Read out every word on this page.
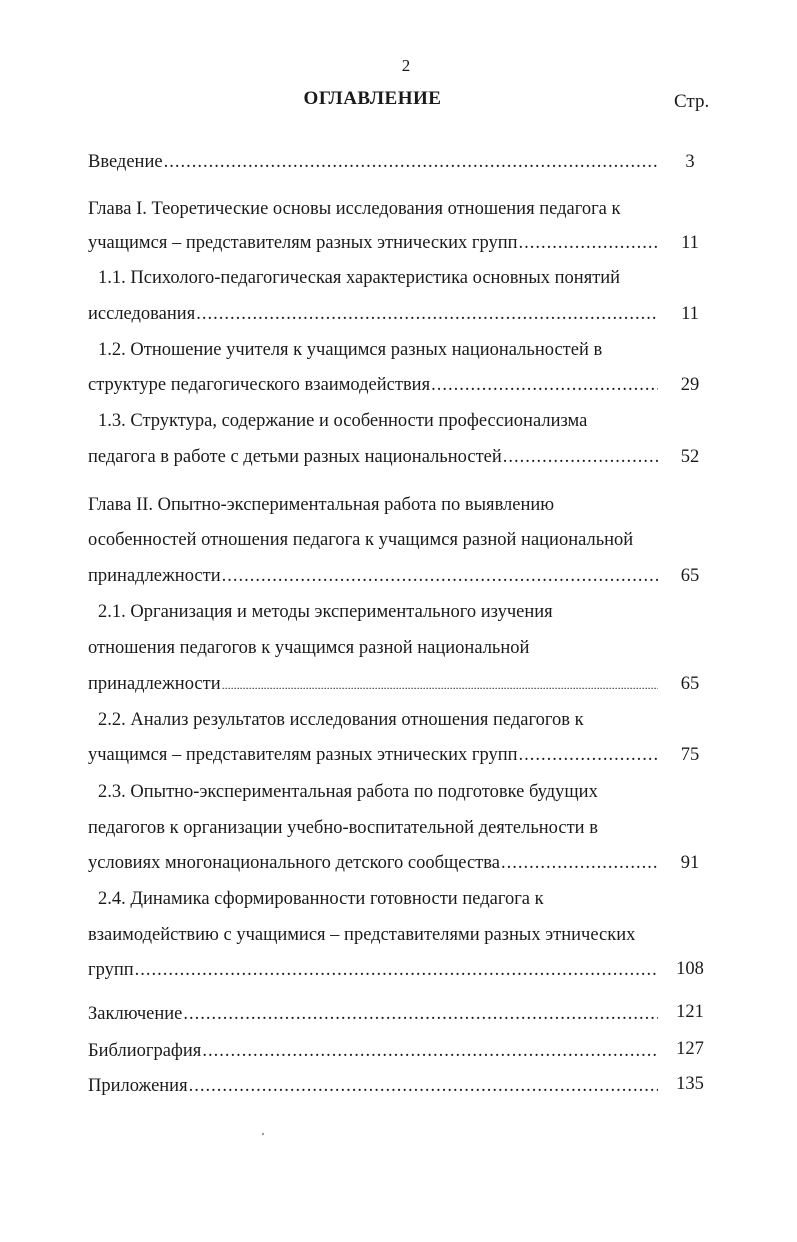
2
ОГЛАВЛЕНИЕ	Стр.
Введение .....	3
Глава I. Теоретические основы исследования отношения педагога к
учащимся – представителям разных этнических групп .....	11
1.1. Психолого-педагогическая характеристика основных понятий
исследования .....	11
1.2. Отношение учителя к учащимся разных национальностей в
структуре педагогического взаимодействия .....	29
1.3. Структура, содержание и особенности профессионализма
педагога в работе с детьми разных национальностей .....	52
Глава II. Опытно-экспериментальная работа по выявлению
особенностей отношения педагога к учащимся разной национальной
принадлежности .....	65
2.1. Организация и методы экспериментального изучения
отношения педагогов к учащимся разной национальной
принадлежности .....	65
2.2. Анализ результатов исследования отношения педагогов к
учащимся – представителям разных этнических групп .....	75
2.3. Опытно-экспериментальная работа по подготовке будущих
педагогов к организации учебно-воспитательной деятельности в
условиях многонационального детского сообщества .....	91
2.4. Динамика сформированности готовности педагога к
взаимодействию с учащимися – представителями разных этнических
групп .....	108
Заключение .....	121
Библиография .....	127
Приложения .....	135
